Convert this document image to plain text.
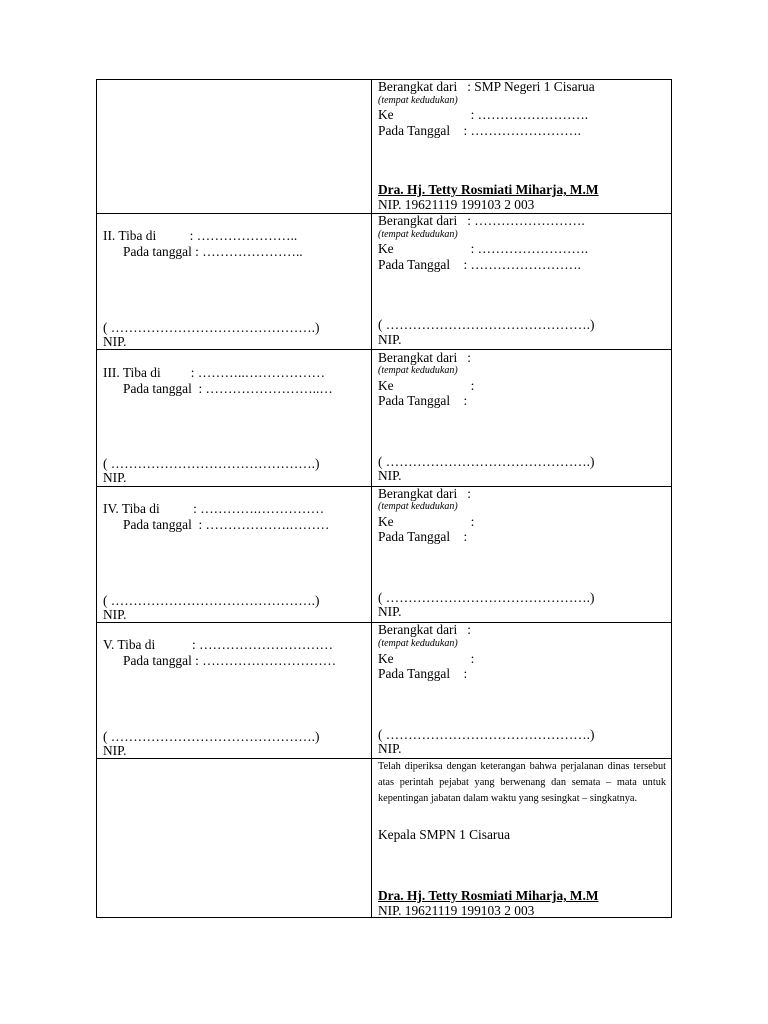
Berangkat dari   : SMP Negeri 1 Cisarua
(tempat kedudukan)
Ke                       : …………………….
Pada Tanggal    : …………………….
Dra. Hj. Tetty Rosmiati Miharja, M.M
NIP. 19621119 199103 2 003
II. Tiba di          : …………………..
Pada tanggal : …………………..
( ……………………………………….)
NIP.
Berangkat dari   : …………………….
(tempat kedudukan)
Ke                       : …………………….
Pada Tanggal    : …………………….
( ……………………………………….)
NIP.
III. Tiba di         : ………..………………
Pada tanggal  : ……………………..…
( ……………………………………….)
NIP.
Berangkat dari   :
(tempat kedudukan)
Ke                       :
Pada Tanggal    :
( ……………………………………….)
NIP.
IV. Tiba di          : ………….……………
Pada tanggal  : ……………….………
( ……………………………………….)
NIP.
Berangkat dari   :
(tempat kedudukan)
Ke                       :
Pada Tanggal    :
( ……………………………………….)
NIP.
V. Tiba di           : …………………………
Pada tanggal : …………………………
( ……………………………………….)
NIP.
Berangkat dari   :
(tempat kedudukan)
Ke                       :
Pada Tanggal    :
( ……………………………………….)
NIP.
Telah diperiksa dengan keterangan bahwa perjalanan dinas tersebut atas perintah pejabat yang berwenang dan semata – mata untuk kepentingan jabatan dalam waktu yang sesingkat – singkatnya.
Kepala SMPN 1 Cisarua
Dra. Hj. Tetty Rosmiati Miharja, M.M
NIP. 19621119 199103 2 003
